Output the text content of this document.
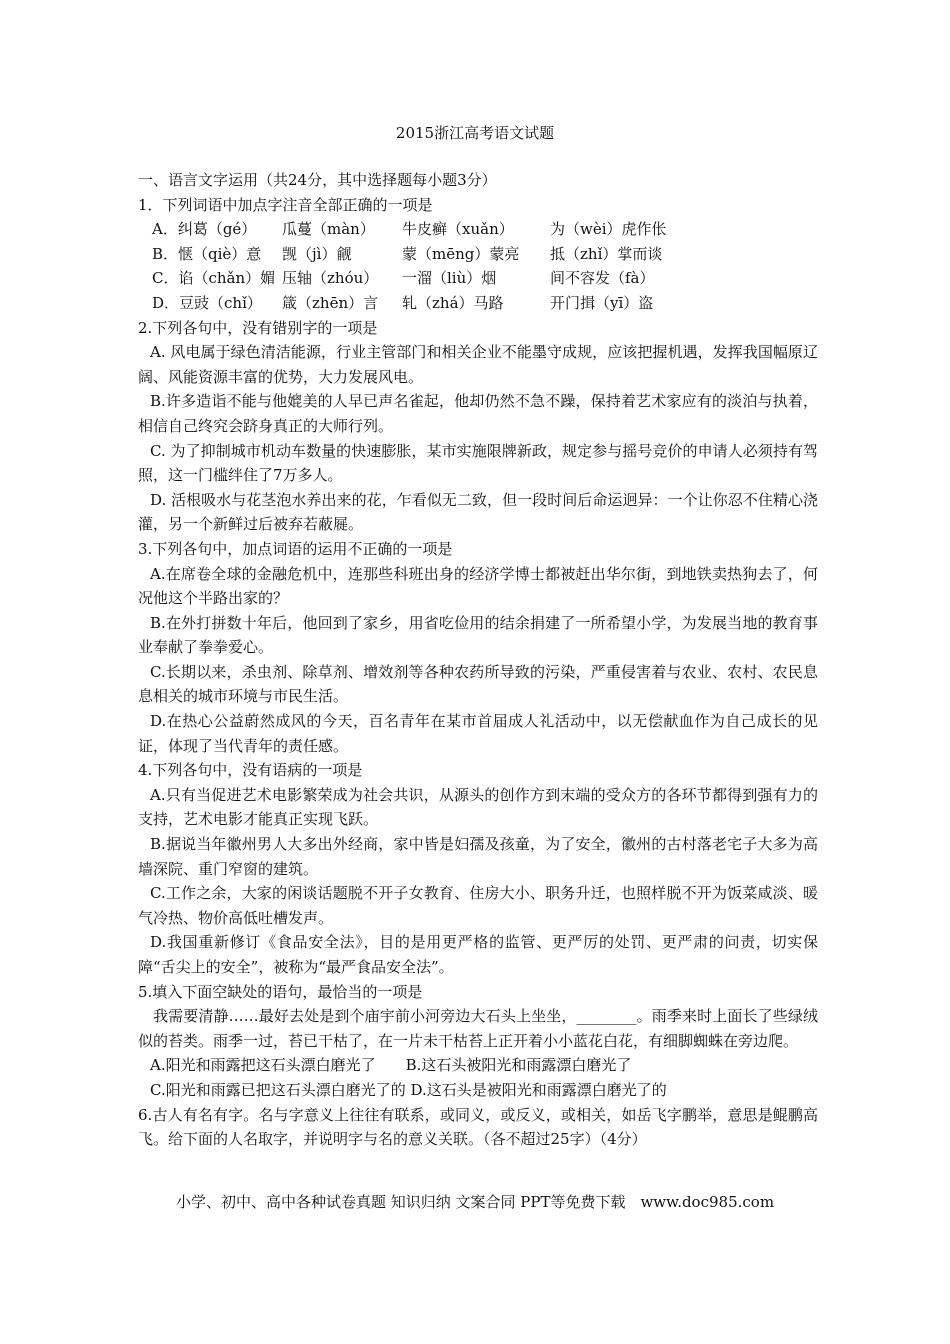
2015浙江高考语文试题
一、语言文字运用（共24分，其中选择题每小题3分）
1．下列词语中加点字注音全部正确的一项是
A．纠葛（gé） 瓜蔓（màn） 牛皮癣（xuǎn） 为（wèi）虎作伥
B．惬（qiè）意 觊（jì）觎	蒙（mēng）蒙亮 抵（zhǐ）掌而谈
C．谄（chǎn）媚 压轴（zhóu） 一溜（liù）烟	间不容发（fà）
D．豆豉（chǐ） 箴（zhēn）言 轧（zhá）马路	开门揖（yī）盗
2.下列各句中，没有错别字的一项是
A. 风电属于绿色清洁能源，行业主管部门和相关企业不能墨守成规，应该把握机遇，发挥我国幅原辽阔、风能资源丰富的优势，大力发展风电。
B.许多造诣不能与他媲美的人早已声名雀起，他却仍然不急不躁，保持着艺术家应有的淡泊与执着，相信自己终究会跻身真正的大师行列。
C. 为了抑制城市机动车数量的快速膨胀，某市实施限牌新政，规定参与摇号竞价的申请人必须持有驾照，这一门槛绊住了7万多人。
D. 活根吸水与花茎泡水养出来的花，乍看似无二致，但一段时间后命运迥异：一个让你忍不住精心浇灌，另一个新鲜过后被弃若蔽屣。
3.下列各句中，加点词语的运用不正确的一项是
A.在席卷全球的金融危机中，连那些科班出身的经济学博士都被赶出华尔街，到地铁卖热狗去了，何况他这个半路出家的？
B.在外打拼数十年后，他回到了家乡，用省吃俭用的结余捐建了一所希望小学，为发展当地的教育事业奉献了拳拳爱心。
C.长期以来，杀虫剂、除草剂、增效剂等各种农药所导致的污染，严重侵害着与农业、农村、农民息息相关的城市环境与市民生活。
D.在热心公益蔚然成风的今天，百名青年在某市首届成人礼活动中，以无偿献血作为自己成长的见证，体现了当代青年的责任感。
4.下列各句中，没有语病的一项是
A.只有当促进艺术电影繁荣成为社会共识，从源头的创作方到末端的受众方的各环节都得到强有力的支持，艺术电影才能真正实现飞跃。
B.据说当年徽州男人大多出外经商，家中皆是妇孺及孩童，为了安全，徽州的古村落老宅子大多为高墙深院、重门窄窗的建筑。
C.工作之余，大家的闲谈话题脱不开子女教育、住房大小、职务升迁，也照样脱不开为饭菜咸淡、暖气冷热、物价高低吐槽发声。
D.我国重新修订《食品安全法》，目的是用更严格的监管、更严厉的处罚、更严肃的问责，切实保障“舌尖上的安全”，被称为“最严食品安全法”。
5.填入下面空缺处的语句，最恰当的一项是
我需要清静……最好去处是到个庙宇前小河旁边大石头上坐坐，________。雨季来时上面长了些绿绒似的苔类。雨季一过，苔已干枯了，在一片未干枯苔上正开着小小蓝花白花，有细脚蜘蛛在旁边爬。
A.阳光和雨露把这石头漂白磨光了　　B.这石头被阳光和雨露漂白磨光了
C.阳光和雨露已把这石头漂白磨光了的 D.这石头是被阳光和雨露漂白磨光了的
6.古人有名有字。名与字意义上往往有联系，或同义，或反义，或相关，如岳飞字鹏举，意思是鲲鹏高飞。给下面的人名取字，并说明字与名的意义关联。（各不超过25字）（4分）
小学、初中、高中各种试卷真题 知识归纳 文案合同 PPT等免费下载　www.doc985.com
